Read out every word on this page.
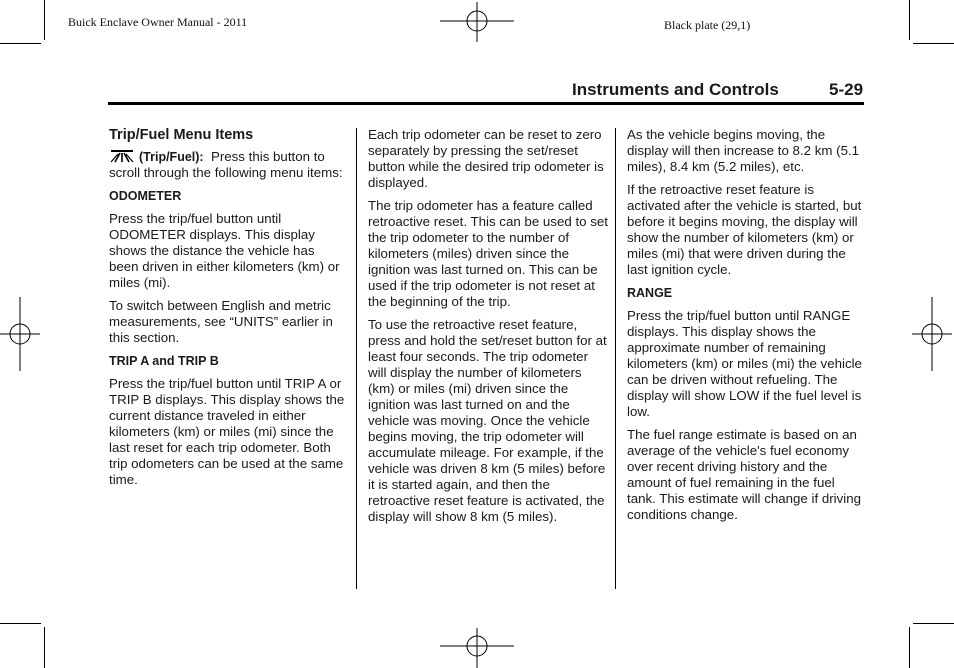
Buick Enclave Owner Manual - 2011	Black plate (29,1)
Instruments and Controls	5-29
Trip/Fuel Menu Items

(Trip/Fuel): Press this button to scroll through the following menu items:

ODOMETER

Press the trip/fuel button until ODOMETER displays. This display shows the distance the vehicle has been driven in either kilometers (km) or miles (mi).

To switch between English and metric measurements, see “UNITS” earlier in this section.

TRIP A and TRIP B

Press the trip/fuel button until TRIP A or TRIP B displays. This display shows the current distance traveled in either kilometers (km) or miles (mi) since the last reset for each trip odometer. Both trip odometers can be used at the same time.

Each trip odometer can be reset to zero separately by pressing the set/reset button while the desired trip odometer is displayed.

The trip odometer has a feature called retroactive reset. This can be used to set the trip odometer to the number of kilometers (miles) driven since the ignition was last turned on. This can be used if the trip odometer is not reset at the beginning of the trip.

To use the retroactive reset feature, press and hold the set/reset button for at least four seconds. The trip odometer will display the number of kilometers (km) or miles (mi) driven since the ignition was last turned on and the vehicle was moving. Once the vehicle begins moving, the trip odometer will accumulate mileage. For example, if the vehicle was driven 8 km (5 miles) before it is started again, and then the retroactive reset feature is activated, the display will show 8 km (5 miles).

As the vehicle begins moving, the display will then increase to 8.2 km (5.1 miles), 8.4 km (5.2 miles), etc.

If the retroactive reset feature is activated after the vehicle is started, but before it begins moving, the display will show the number of kilometers (km) or miles (mi) that were driven during the last ignition cycle.

RANGE

Press the trip/fuel button until RANGE displays. This display shows the approximate number of remaining kilometers (km) or miles (mi) the vehicle can be driven without refueling. The display will show LOW if the fuel level is low.

The fuel range estimate is based on an average of the vehicle's fuel economy over recent driving history and the amount of fuel remaining in the fuel tank. This estimate will change if driving conditions change.
